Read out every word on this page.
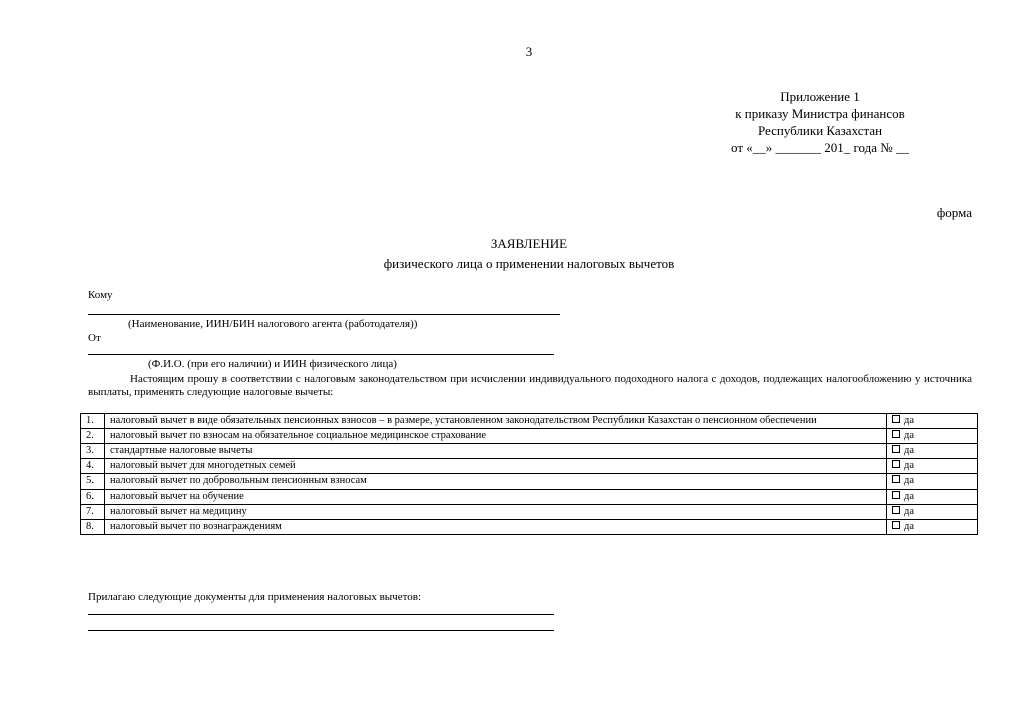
3
Приложение 1
к приказу Министра финансов
Республики Казахстан
от «__» _______ 201_ года № __
форма
ЗАЯВЛЕНИЕ
физического лица о применении налоговых вычетов
Кому
(Наименование, ИИН/БИН налогового агента (работодателя))
От
(Ф.И.О. (при его наличии) и ИИН физического лица)
Настоящим прошу в соответствии с налоговым законодательством при исчислении индивидуального подоходного налога с доходов, подлежащих налогообложению у источника выплаты, применять следующие налоговые вычеты:
1.	налоговый вычет в виде обязательных пенсионных взносов – в размере, установленном законодательством Республики Казахстан о пенсионном обеспечении	да
2.	налоговый вычет по взносам на обязательное социальное медицинское страхование	да
3.	стандартные налоговые вычеты	да
4.	налоговый вычет для многодетных семей	да
5.	налоговый вычет по добровольным пенсионным взносам	да
6.	налоговый вычет на обучение	да
7.	налоговый вычет на медицину	да
8.	налоговый вычет по вознаграждениям	да
Прилагаю следующие документы для применения налоговых вычетов:
